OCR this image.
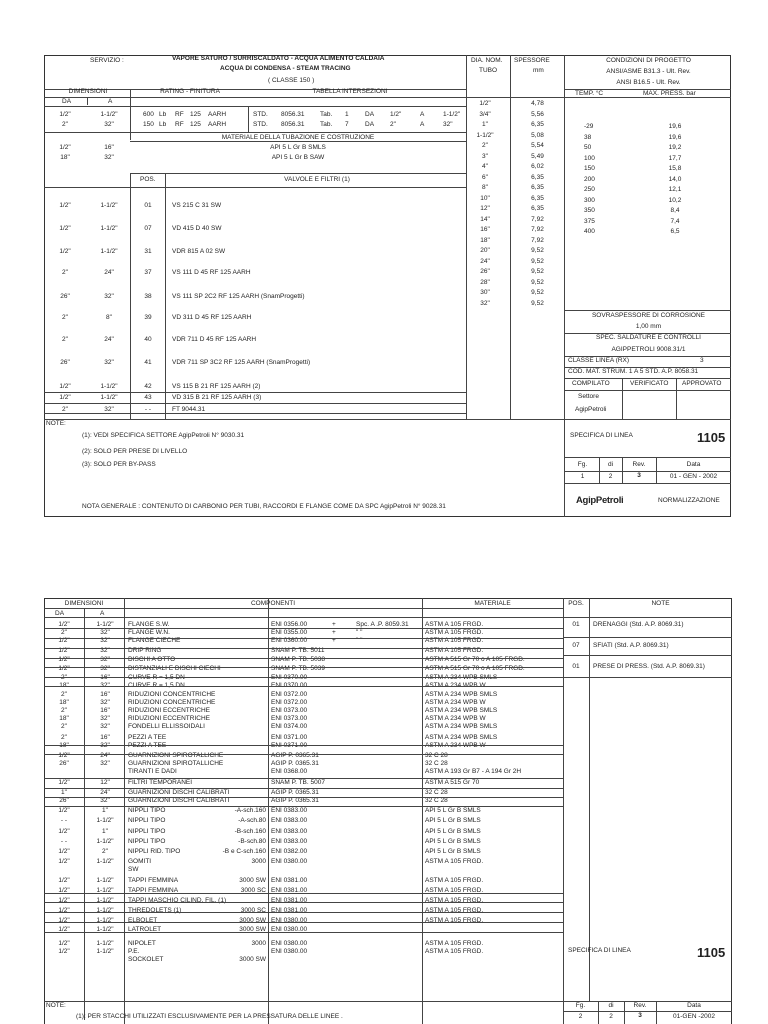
SERVIZIO :	VAPORE SATURO / SURRISCALDATO - ACQUA ALIMENTO CALDAIA
ACQUA DI CONDENSA - STEAM TRACING
( CLASSE 150 )
DIA. NOM.
TUBO
SPESSORE
mm
CONDIZIONI DI PROGETTO
ANSI/ASME B31.3 - Ult. Rev.
ANSI B16.5 - Ult. Rev.
TEMP. °C	MAX. PRESS. bar
DIMENSIONI
DA	A
RATING - FINITURA	TABELLA INTERSEZIONI
1/2"	1-1/2"	600 Lb RF 125 AARH	STD. 8056.31 Tab. 1	DA 1/2"	A	1-1/2"
2"	32"	150 Lb RF 125 AARH	STD. 8056.31 Tab. 7	DA 2"	A	32"
MATERIALE DELLA TUBAZIONE E COSTRUZIONE
1/2"	16"	API 5 L Gr B SMLS
18"	32"	API 5 L Gr B SAW
POS.	VALVOLE E FILTRI (1)
1/2"	1-1/2"	01	VS 215 C 31 SW
1/2"	1-1/2"	07	VD 415 D 40 SW
1/2"	1-1/2"	31	VDR 815 A 02 SW
2"	24"	37	VS 111 D 45 RF 125 AARH
26"	32"	38	VS 111 SP 2C2 RF 125 AARH (SnamProgetti)
2"	8"	39	VD 311 D 45 RF 125 AARH
2"	24"	40	VDR 711 D 45 RF 125 AARH
26"	32"	41	VDR 711 SP 3C2 RF 125 AARH (SnamProgetti)
1/2"	1-1/2"	42	VS 115 B 21 RF 125 AARH (2)
1/2"	1-1/2"	43	VD 315 B 21 RF 125 AARH (3)
2"	32"	- -	FT 9044.31
1/2"	4,78
3/4"	5,56
1"	6,35
1-1/2"	5,08
2"	5,54
3"	5,49
4"	6,02
6"	6,35
8"	6,35
10"	6,35
12"	6,35
14"	7,92
16"	7,92
18"	7,92
20"	9,52
24"	9,52
26"	9,52
28"	9,52
30"	9,52
32"	9,52
-29	19,6
38	19,6
50	19,2
100	17,7
150	15,8
200	14,0
250	12,1
300	10,2
350	8,4
375	7,4
400	6,5
SOVRASPESSORE DI CORROSIONE
1,00 mm
SPEC. SALDATURE E CONTROLLI
AGIPPETROLI 9008.31/1
CLASSE LINEA (RX)	3
COD. MAT. STRUM. 1 A 5 STD. A.P. 8058.31
COMPILATO	VERIFICATO APPROVATO
Settore
AgipPetroli
NOTE:
(1): VEDI SPECIFICA SETTORE AgipPetroli N° 9030.31
(2): SOLO PER PRESE DI LIVELLO
(3): SOLO PER BY-PASS
NOTA GENERALE : CONTENUTO DI CARBONIO PER TUBI, RACCORDI E FLANGE COME DA SPC AgipPetroli N° 9028.31
SPECIFICA DI LINEA	1105
Fg.	di	Rev.	Data
1	2	3	01 - GEN - 2002
AgipPetroli	NORMALIZZAZIONE
DIMENSIONI
DA	A
COMPONENTI	MATERIALE	POS.	NOTE
1/2"	1-1/2"	FLANGE S.W.	ENI 0356.00	+	Spc. A .P. 8059.31	ASTM A 105 FRGD.
2"	32"	FLANGE W.N.	ENI 0355.00	+	" "	ASTM A 105 FRGD.
1/2"	32"	FLANGE CIECHE	ENI 0360.00	+	" "	ASTM A 105 FRGD.
1/2"	32"	DRIP RING	SNAM P. TB. 5011	ASTM A 105 FRGD.
1/2"	32"	DISCHI A OTTO	SNAM P. TB. 5038	ASTM A 515 Gr 70 o A 105 FRGD.
1/2"	32"	DISTANZIALI E DISCHI CIECHI	SNAM P. TB. 5039	ASTM A 515 Gr 70 o A 105 FRGD.
2"	16"	CURVE R = 1,5 DN	ENI 0370.00	ASTM A 234 WPB SMLS
18"	32"	CURVE R = 1,5 DN	ENI 0370.00	ASTM A 234 WPB W
2"	16"	RIDUZIONI CONCENTRICHE	ENI 0372.00	ASTM A 234 WPB SMLS
18"	32"	RIDUZIONI CONCENTRICHE	ENI 0372.00	ASTM A 234 WPB W
2"	16"	RIDUZIONI ECCENTRICHE	ENI 0373.00	ASTM A 234 WPB SMLS
18"	32"	RIDUZIONI ECCENTRICHE	ENI 0373.00	ASTM A 234 WPB W
2"	32"	FONDELLI ELLISSOIDALI	ENI 0374.00	ASTM A 234 WPB SMLS
2"	16"	PEZZI A TEE	ENI 0371.00	ASTM A 234 WPB SMLS
18"	32"	PEZZI A TEE	ENI 0371.00	ASTM A 234 WPB W
1/2"	24"	GUARNIZIONI SPIROTALLICHE	AGIP P. 0365.31	32 C 28
26"	32"	GUARNIZIONI SPIROTALLICHE	AGIP P. 0365.31	32 C 28
TIRANTI E DADI	ENI 0368.00	ASTM A 193 Gr B7 - A 194 Gr 2H
1/2"	12"	FILTRI TEMPORANEI	SNAM P. TB. 5007	ASTM A 515 Gr 70
1"	24"	GUARNIZIONI DISCHI CALIBRATI	AGIP P. 0365.31	32 C 28
26"	32"	GUARNIZIONI DISCHI CALIBRATI	AGIP P. 0365.31	32 C 28
1/2"	1"	NIPPLI TIPO	-A-sch.160 ENI 0383.00	API 5 L Gr B SMLS
- -	1-1/2"	NIPPLI TIPO	-A-sch.80 ENI 0383.00	API 5 L Gr B SMLS
1/2"	1"	NIPPLI TIPO	-B-sch.160 ENI 0383.00	API 5 L Gr B SMLS
- -	1-1/2"	NIPPLI TIPO	-B-sch.80 ENI 0383.00	API 5 L Gr B SMLS
1/2"	2"	NIPPLI RID. TIPO	-B e C-sch.160 ENI 0382.00	API 5 L Gr B SMLS
1/2"	1-1/2"	GOMITI	3000 ENI 0380.00	ASTM A 105 FRGD.
SW
1/2"	1-1/2"	TAPPI FEMMINA	3000 SW ENI 0381.00	ASTM A 105 FRGD.
1/2"	1-1/2"	TAPPI FEMMINA	3000 SC ENI 0381.00	ASTM A 105 FRGD.
1/2"	1-1/2"	TAPPI MASCHIO CILIND. FIL. (1)	ENI 0381.00	ASTM A 105 FRGD.
1/2"	1-1/2"	THREDOLETS (1)	3000 SC ENI 0381.00	ASTM A 105 FRGD.
1/2"	1-1/2"	ELBOLET	3000 SW ENI 0380.00	ASTM A 105 FRGD.
1/2"	1-1/2"	LATROLET	3000 SW ENI 0380.00
1/2"	1-1/2"	NIPOLET	3000 ENI 0380.00	ASTM A 105 FRGD.
1/2"	1-1/2"	P.E.	ENI 0380.00	ASTM A 105 FRGD.
SOCKOLET	3000 SW
01	DRENAGGI (Std. A.P. 8069.31)
07	SFIATI (Std. A.P. 8069.31)
01	PRESE DI PRESS. (Std. A.P. 8069.31)
SPECIFICA DI LINEA	1105
NOTE:
(1): PER STACCHI UTILIZZATI ESCLUSIVAMENTE PER LA PRESSATURA DELLE LINEE .
Fg.	di	Rev.	Data
2	2	3	01-GEN -2002
